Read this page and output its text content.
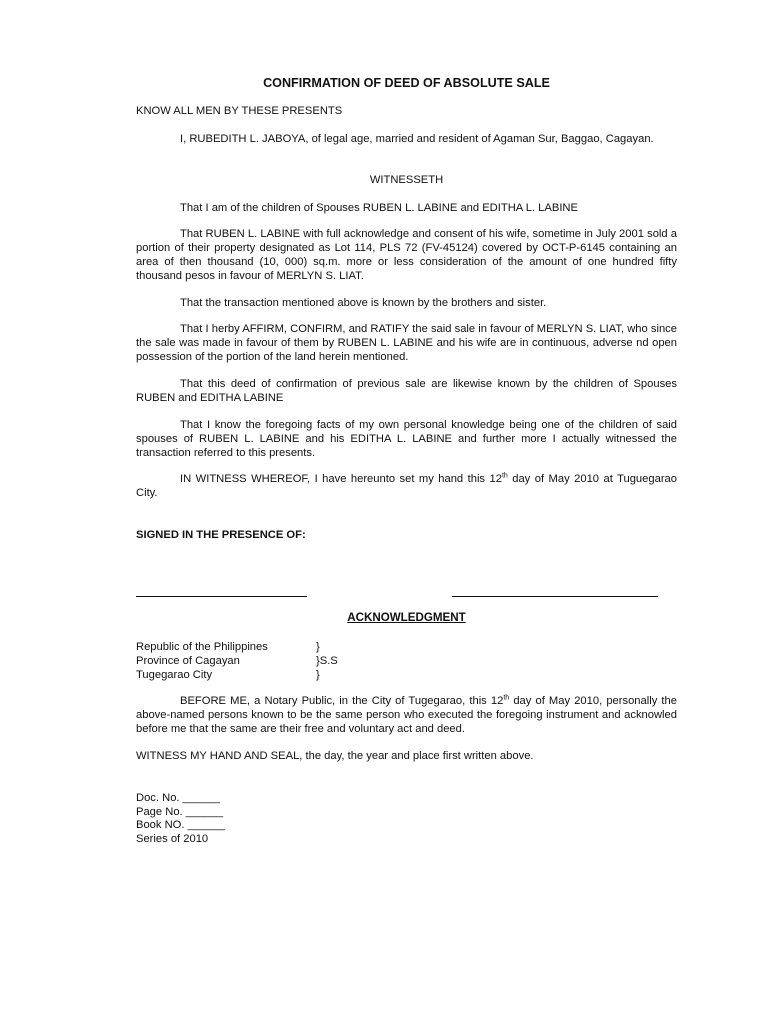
CONFIRMATION OF DEED OF ABSOLUTE SALE
KNOW ALL MEN BY THESE PRESENTS
I, RUBEDITH L. JABOYA, of legal age, married and resident of Agaman Sur, Baggao, Cagayan.
WITNESSETH
That I am of the children of Spouses RUBEN L. LABINE and EDITHA L. LABINE
That RUBEN L. LABINE with full acknowledge and consent of his wife, sometime in July 2001 sold a portion of their property designated as Lot 114, PLS 72 (FV-45124) covered by OCT-P-6145 containing an area of then thousand (10, 000) sq.m. more or less consideration of the amount of one hundred fifty thousand pesos in favour of MERLYN S. LIAT.
That the transaction mentioned above is known by the brothers and sister.
That I herby AFFIRM, CONFIRM, and RATIFY the said sale in favour of MERLYN S. LIAT, who since the sale was made in favour of them by RUBEN L. LABINE and his wife are in continuous, adverse nd open possession of the portion of the land herein mentioned.
That this deed of confirmation of previous sale are likewise known by the children of Spouses RUBEN and EDITHA LABINE
That I know the foregoing facts of my own personal knowledge being one of the children of said spouses of RUBEN L. LABINE and his EDITHA L. LABINE and further more I actually witnessed the transaction referred to this presents.
IN WITNESS WHEREOF, I have hereunto set my hand this 12th day of May 2010 at Tuguegarao City.
SIGNED IN THE PRESENCE OF:
ACKNOWLEDGMENT
Republic of the Philippines	}
Province of Cagayan	}S.S
Tugegarao City	}
BEFORE ME, a Notary Public, in the City of Tugegarao, this 12th day of May 2010, personally the above-named persons known to be the same person who executed the foregoing instrument and acknowled before me that the same are their free and voluntary act and deed.
WITNESS MY HAND AND SEAL, the day, the year and place first written above.
Doc. No. ______
Page No. ______
Book NO. ______
Series of 2010
